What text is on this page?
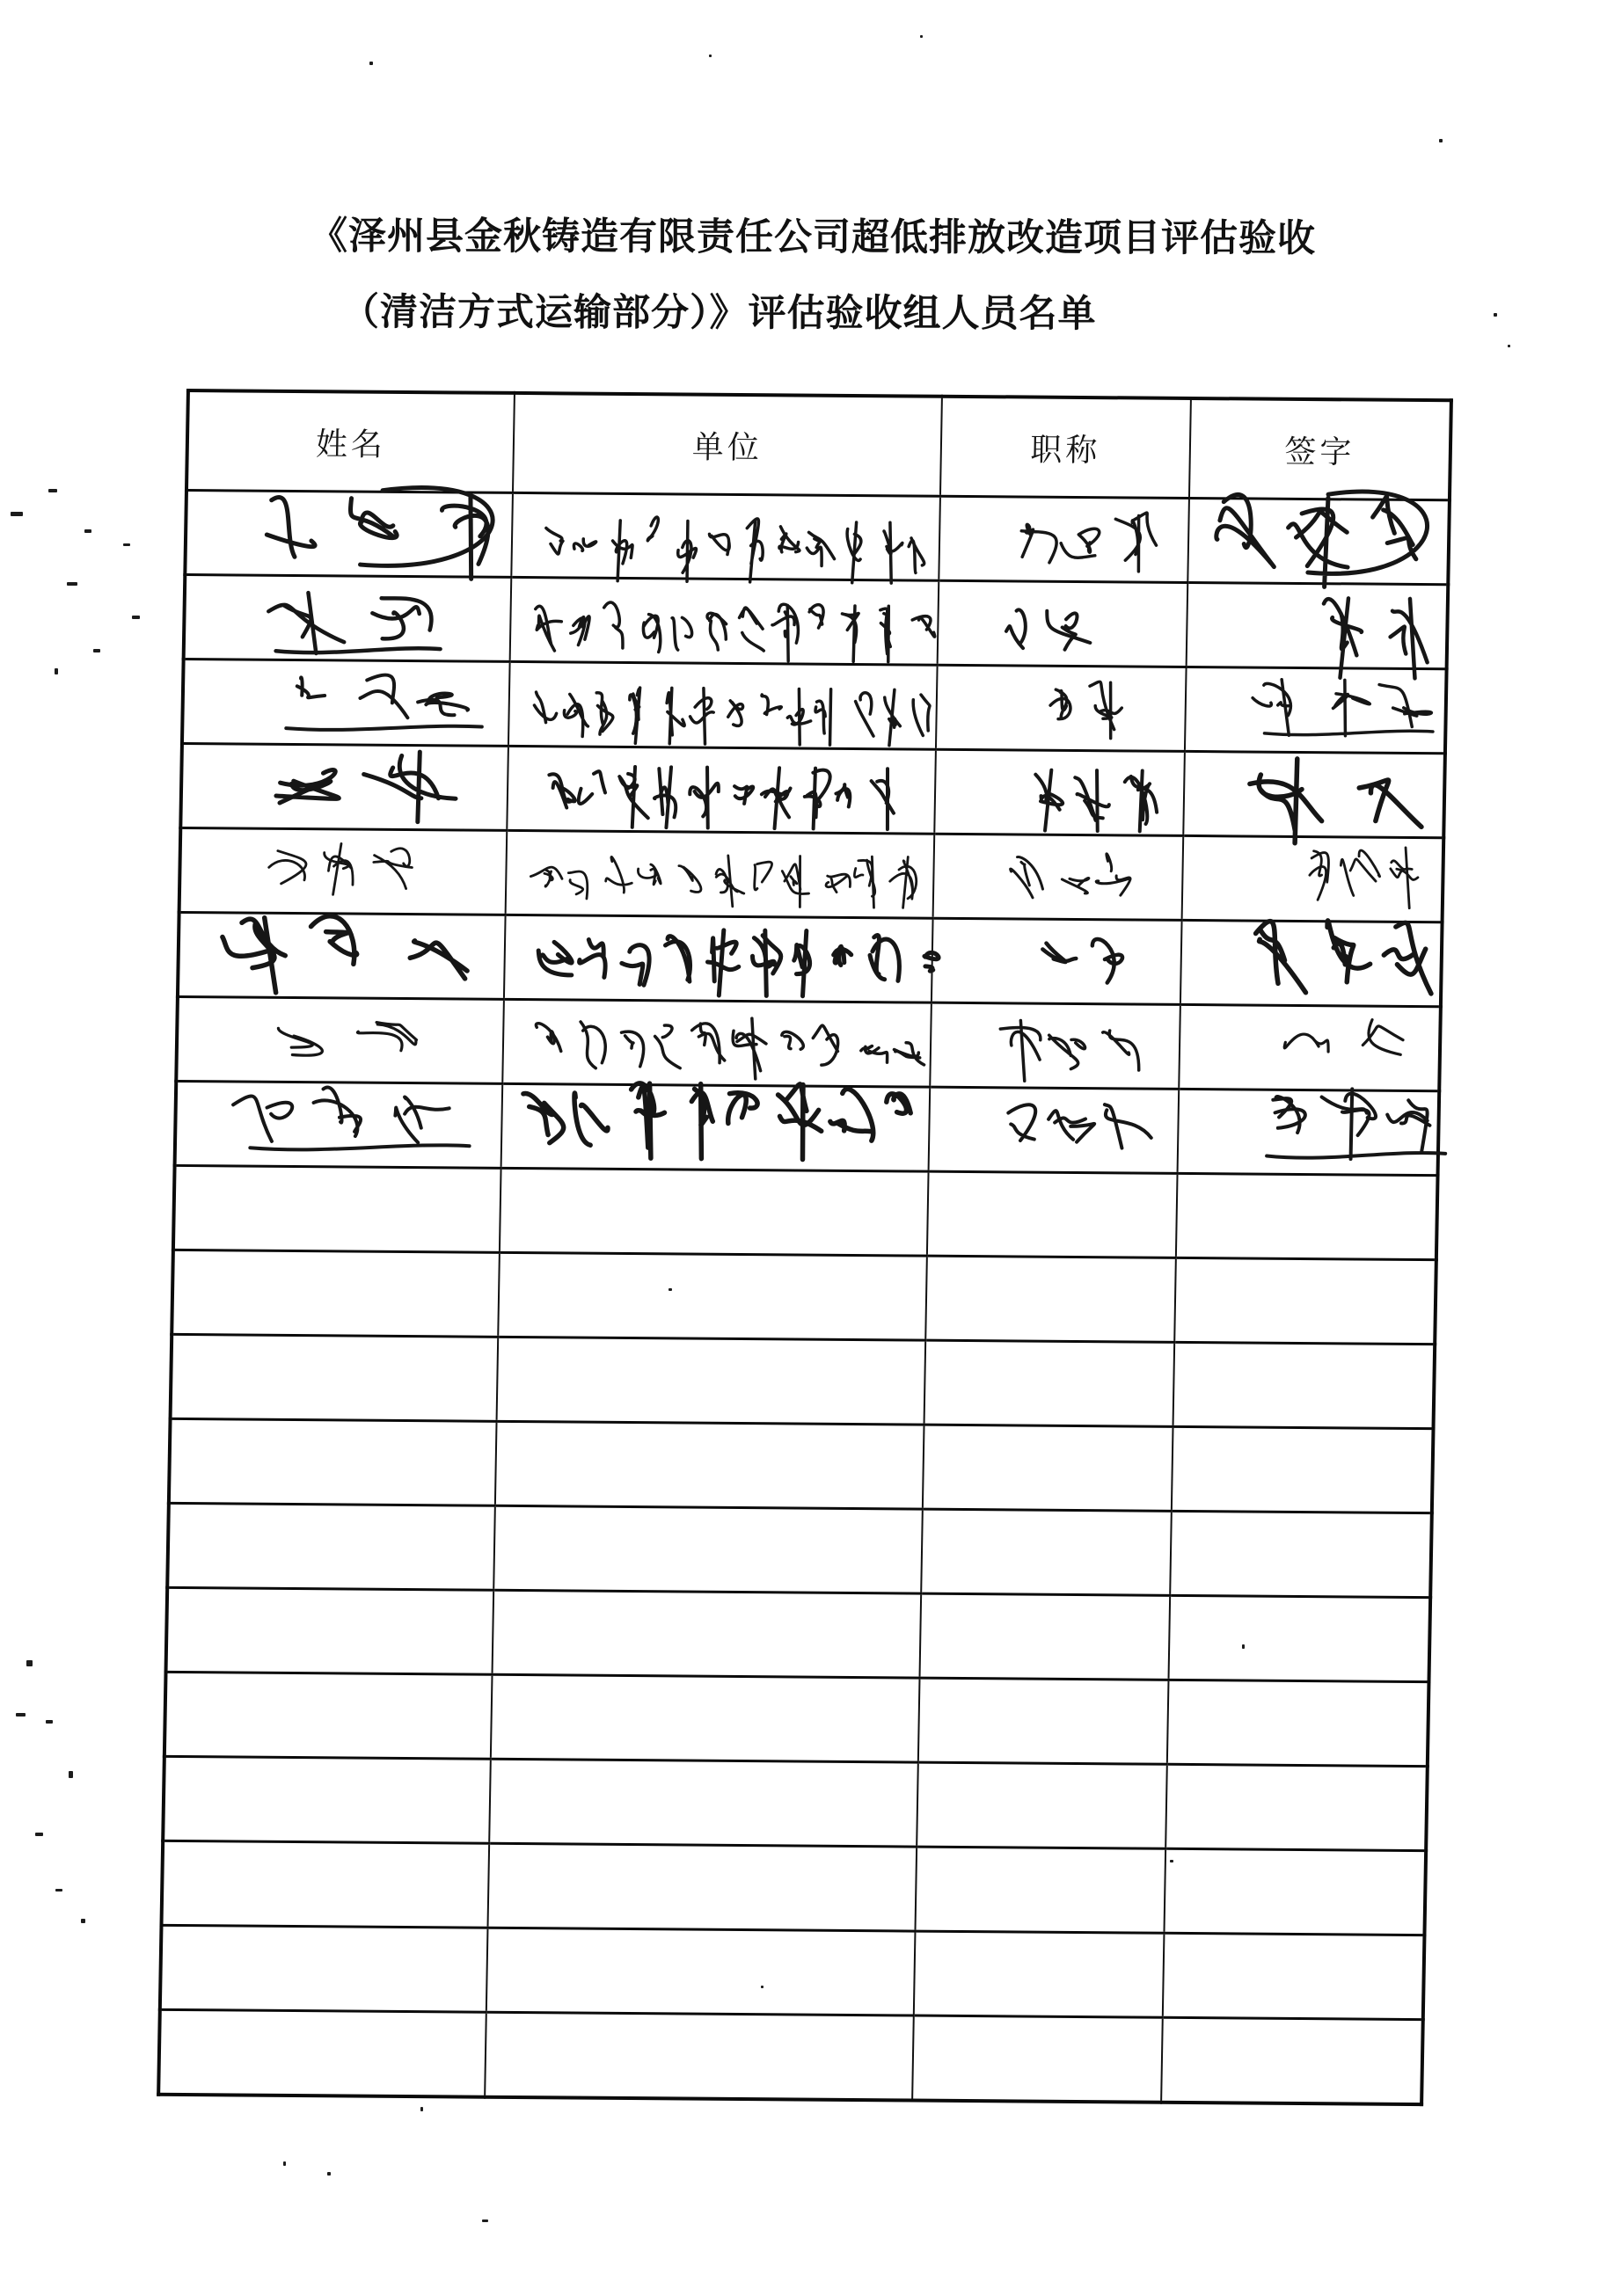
《泽州县金秋铸造有限责任公司超低排放改造项目评估验收
（清洁方式运输部分）》评估验收组人员名单
姓名	单位	职称	签字
